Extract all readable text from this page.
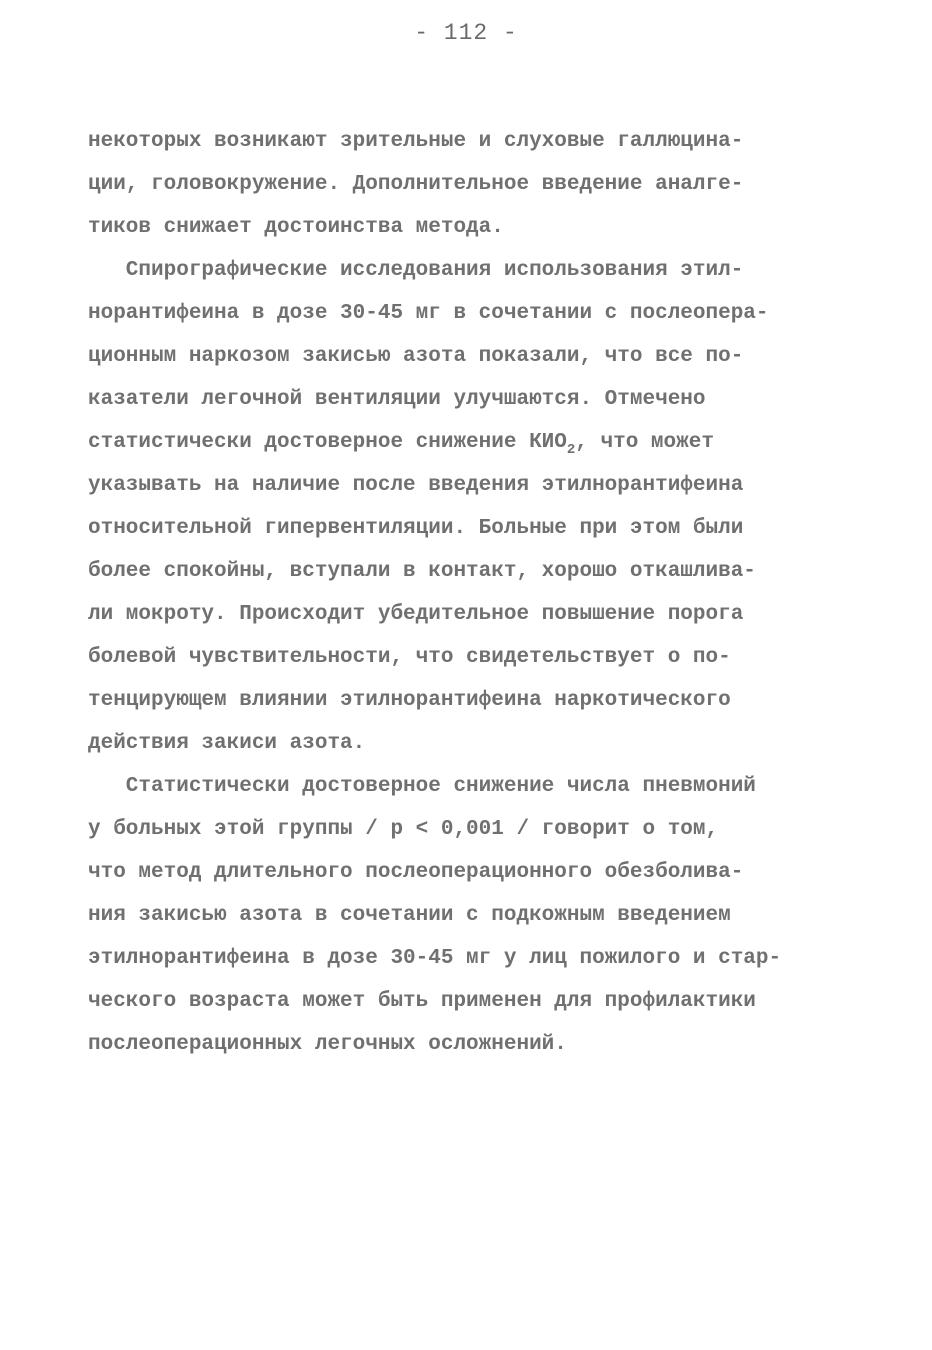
- 112 -
некоторых возникают зрительные и слуховые галлюцина-
ции, головокружение. Дополнительное введение аналге-
тиков снижает достоинства метода.
Спирографические исследования использования этил-
норантифеина в дозе 30-45 мг в сочетании с послеопера-
ционным наркозом закисью азота показали, что все по-
казатели легочной вентиляции улучшаются. Отмечено
статистически достоверное снижение $КИО_2$, что может
указывать на наличие после введения этилнорантифеина
относительной гипервентиляции. Больные при этом были
более спокойны, вступали в контакт, хорошо откашлива-
ли мокроту. Происходит убедительное повышение порога
болевой чувствительности, что свидетельствует о по-
тенцирующем влиянии этилнорантифеина наркотического
действия закиси азота.
Статистически достоверное снижение числа пневмоний
у больных этой группы / p < 0,001 / говорит о том,
что метод длительного послеоперационного обезболива-
ния закисью азота в сочетании с подкожным введением
этилнорантифеина в дозе 30-45 мг у лиц пожилого и стар-
ческого возраста может быть применен для профилактики
послеоперационных легочных осложнений.
